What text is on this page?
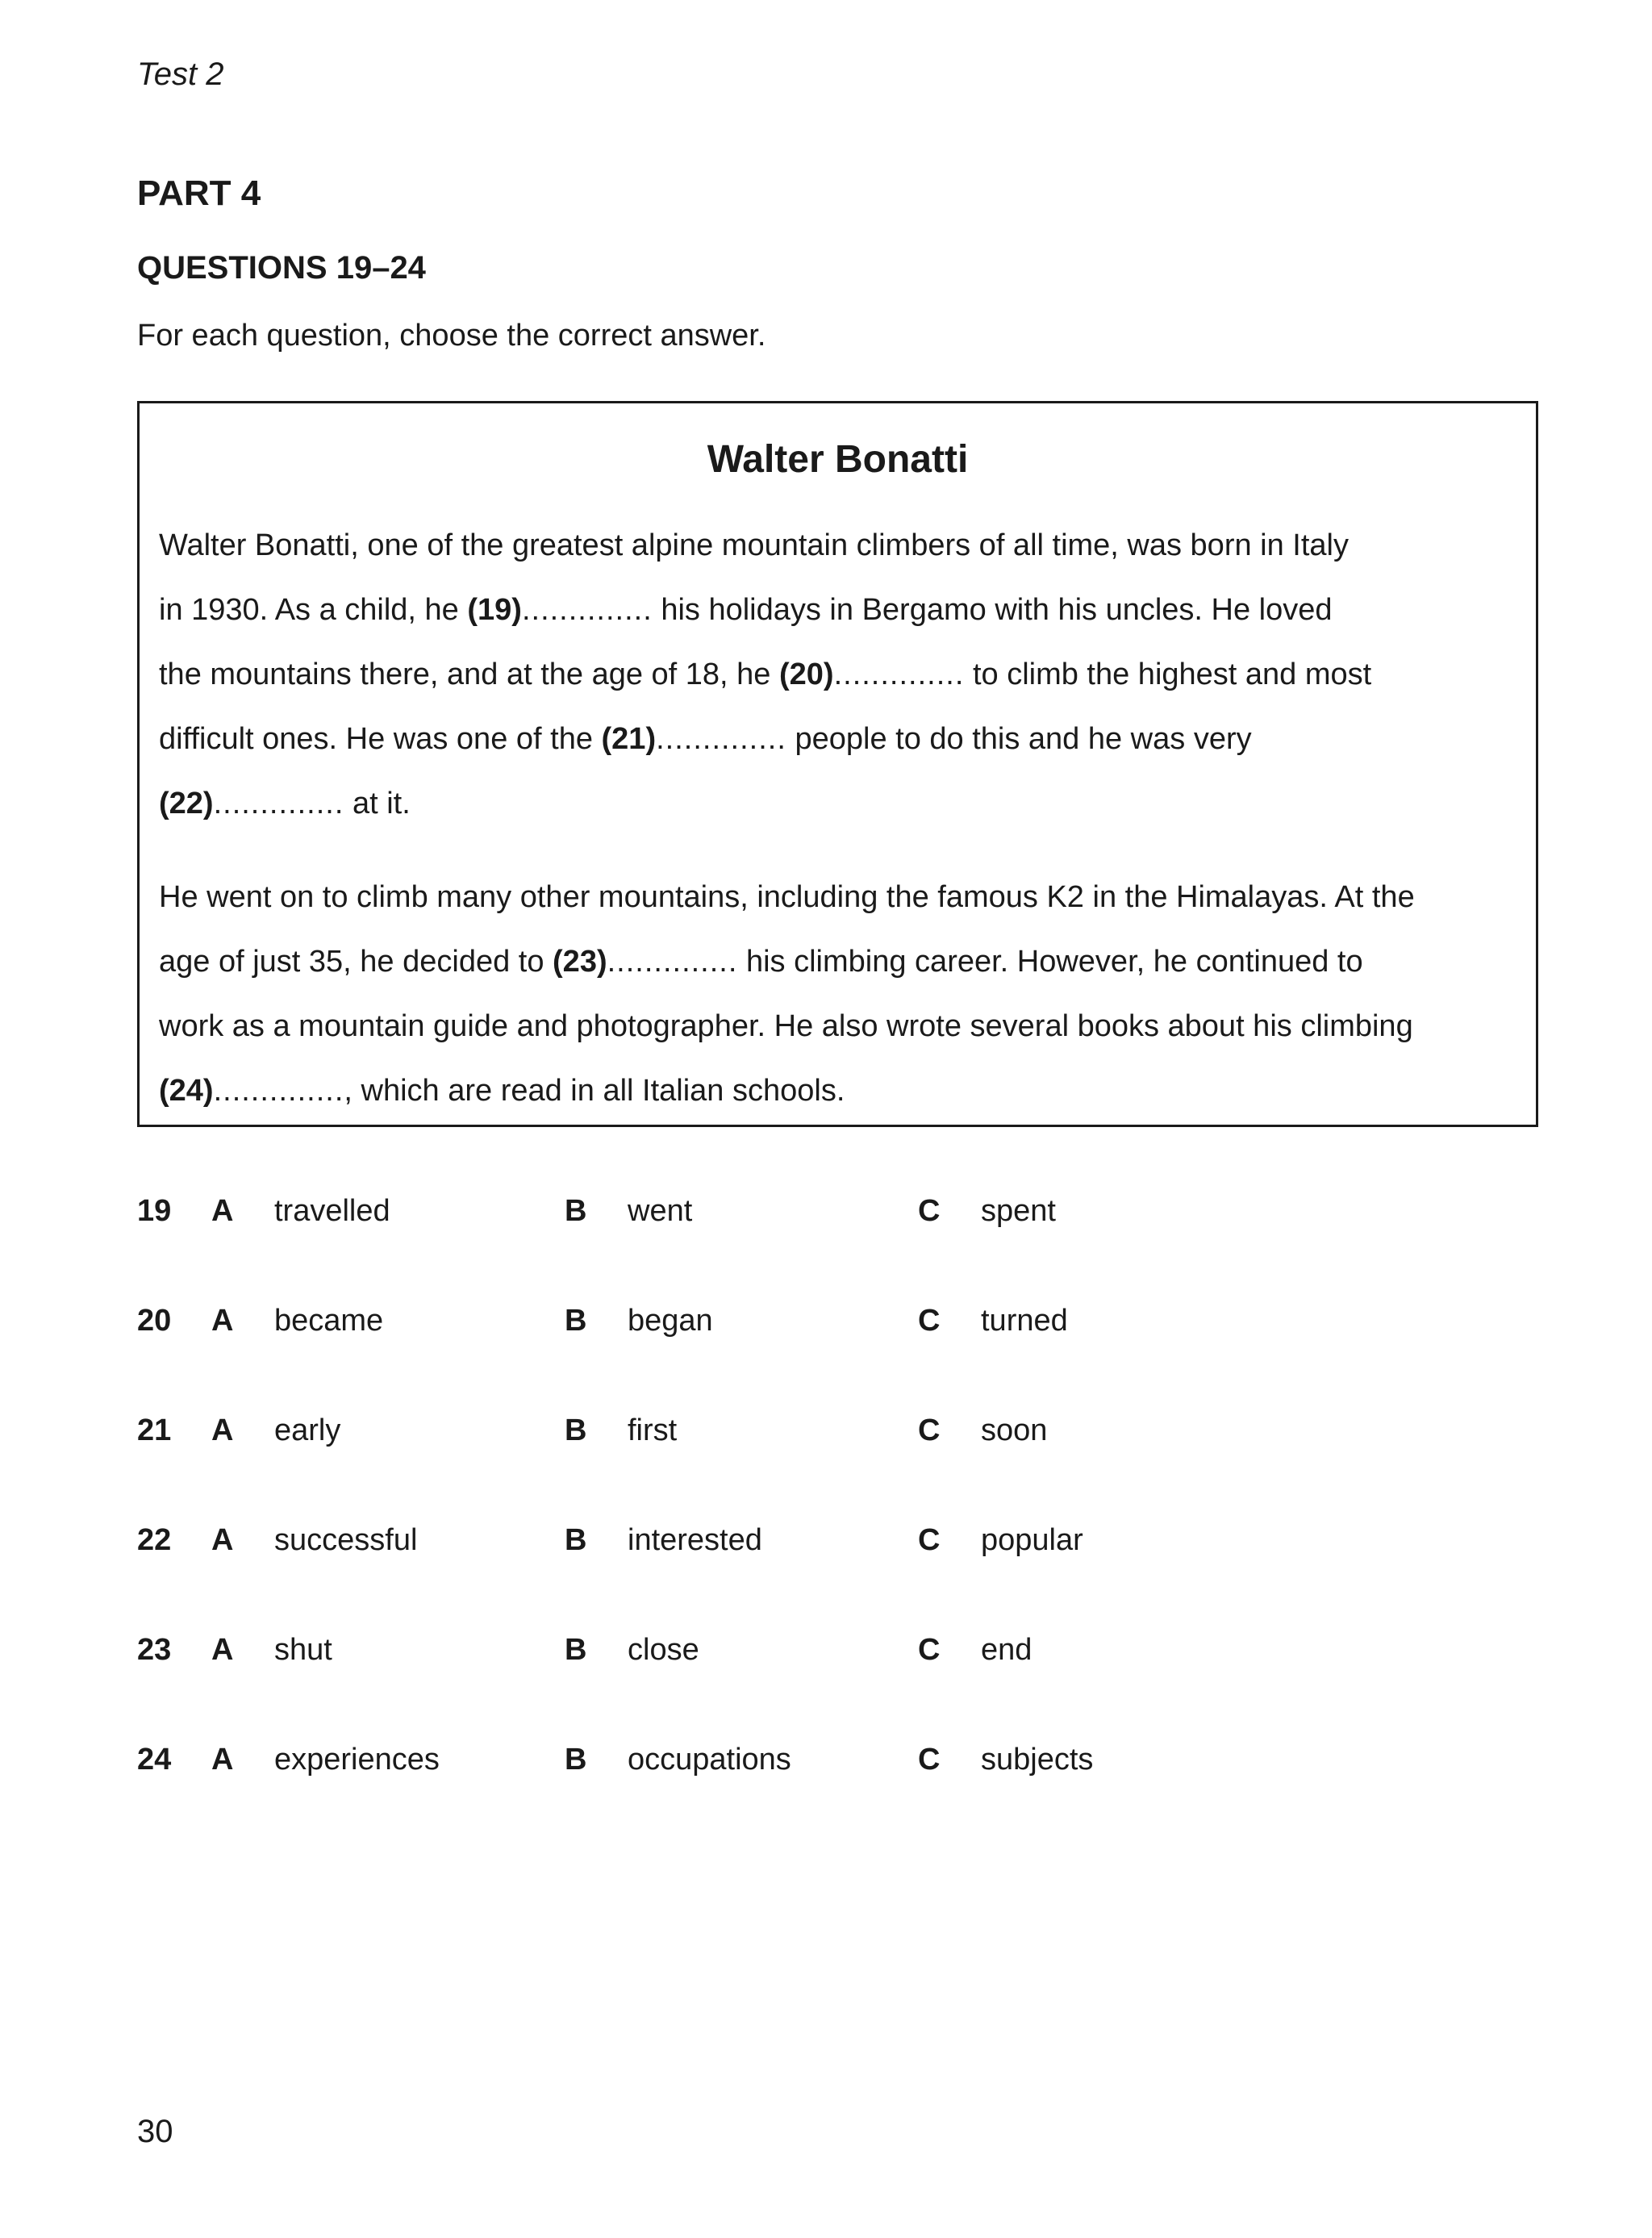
Test 2
PART 4
QUESTIONS 19–24
For each question, choose the correct answer.
Walter Bonatti
Walter Bonatti, one of the greatest alpine mountain climbers of all time, was born in Italy
in 1930. As a child, he (19).............. his holidays in Bergamo with his uncles. He loved
the mountains there, and at the age of 18, he (20).............. to climb the highest and most
difficult ones. He was one of the (21).............. people to do this and he was very
(22).............. at it.
He went on to climb many other mountains, including the famous K2 in the Himalayas. At the
age of just 35, he decided to (23).............. his climbing career. However, he continued to
work as a mountain guide and photographer. He also wrote several books about his climbing
(24).............., which are read in all Italian schools.
19 A travelled	B went	C spent
20 A became	B began	C turned
21 A early	B first	C soon
22 A successful	B interested	C popular
23 A shut	B close	C end
24 A experiences	B occupations	C subjects
30
